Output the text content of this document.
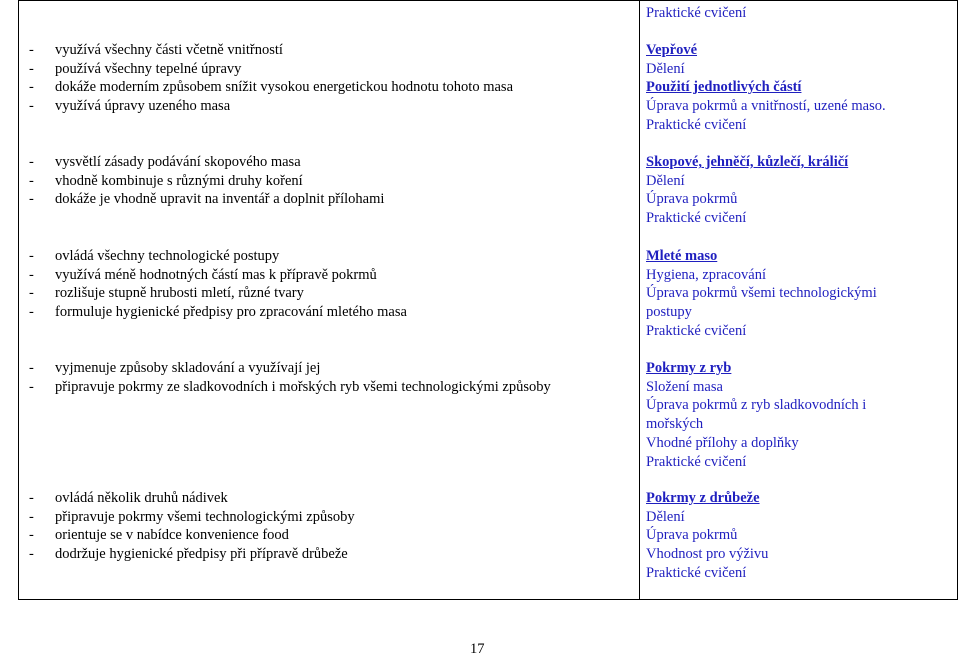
- využívá všechny části včetně vnitřností
- používá všechny tepelné úpravy
- dokáže moderním způsobem snížit vysokou energetickou hodnotu tohoto masa
- využívá úpravy uzeného masa
- vysvětlí zásady podávání skopového masa
- vhodně kombinuje s různými druhy koření
- dokáže je vhodně upravit na inventář a doplnit přílohami
- ovládá všechny technologické postupy
- využívá méně hodnotných částí mas k přípravě pokrmů
- rozlišuje stupně hrubosti mletí, různé tvary
- formuluje hygienické předpisy pro zpracování mletého masa
- vyjmenuje způsoby skladování a využívají jej
- připravuje pokrmy ze sladkovodních i mořských ryb všemi technologickými způsoby
- ovládá několik druhů nádivek
- připravuje pokrmy všemi technologickými způsoby
- orientuje se v nabídce konvenience food
- dodržuje hygienické předpisy při přípravě drůbeže
Praktické cvičení
Vepřové
Dělení
Použití jednotlivých částí
Úprava pokrmů a vnitřností, uzené maso.
Praktické cvičení
Skopové, jehněčí, kůzlečí, králičí
Dělení
Úprava pokrmů
Praktické cvičení
Mleté maso
Hygiena, zpracování
Úprava pokrmů všemi technologickými
postupy
Praktické cvičení
Pokrmy z ryb
Složení masa
Úprava pokrmů z ryb sladkovodních i
mořských
Vhodné přílohy a doplňky
Praktické cvičení
Pokrmy z drůbeže
Dělení
Úprava pokrmů
Vhodnost pro výživu
Praktické cvičení
17
